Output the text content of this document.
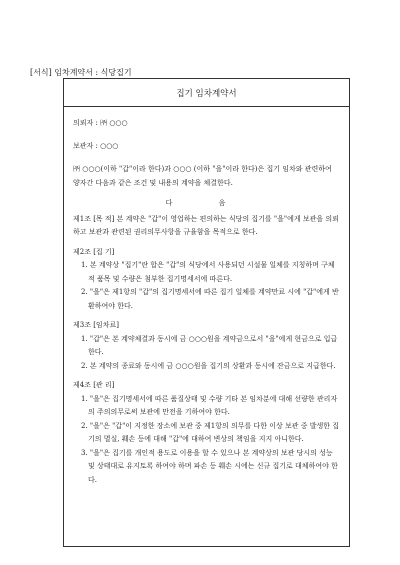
[서식] 임차계약서 : 식당집기
집기 임차계약서

의뢰자 : ㈜ ○○○

보관자 : ○○○

㈜ ○○○(이하 "갑"이라 한다)과 ○○○ (이하 "을"이라 한다)은 집기 임차와 관련하여 양자간 다음과 같은 조건 및 내용의 계약을 체결한다.

다 음

제1조 [목 적] 본 계약은 "갑"이 영업하는 편의하는 식당의 집기를 "을"에게 보관을 의뢰하고 보관과 관련된 권리의무사항을 규율함을 목적으로 한다.

제2조 [집 기]

1. 본 계약상 "집기"란 합은 "갑"의 식당에서 사용되던 시설물 일체를 지칭하며 구체적 품목 및 수량은 첨부한 집기명세서에 따른다.

2. "을"은 제1항의 "갑"의 집기명세서에 따른 집기 일체를 계약만료 시에 "갑"에게 반환하여야 한다.

제3조 [임차료]

1. "갑"은 본 계약체결과 동시에 금 ○○○원을 계약금으로서 "을"에게 현금으로 입급한다.

2. 본 계약의 종료와 동시에 금 ○○○원을 집기의 상환과 동시에 잔금으로 지급한다.

제4조 [관 리]

1. "을"은 집기명세서에 따른 품질상태 및 수량 기타 본 임차분에 대해 선량한 관리자의 주의의무로써 보관에 만전을 기하여야 한다.

2. "을"은 "갑"이 지정한 장소에 보관 중 제1항의 의무를 다한 이상 보관 중 발생한 집기의 멸실, 훼손 등에 대해 "갑"에 대하여 변상의 책임을 지지 아니한다.

3. "을"은 집기를 개인적 용도로 이용을 할 수 있으나 본 계약상의 보관 당시의 성능 및 상태대로 유지토록 하여야 하며 파손 등 훼손 시에는 신규 집기로 대체하여야 한다.
